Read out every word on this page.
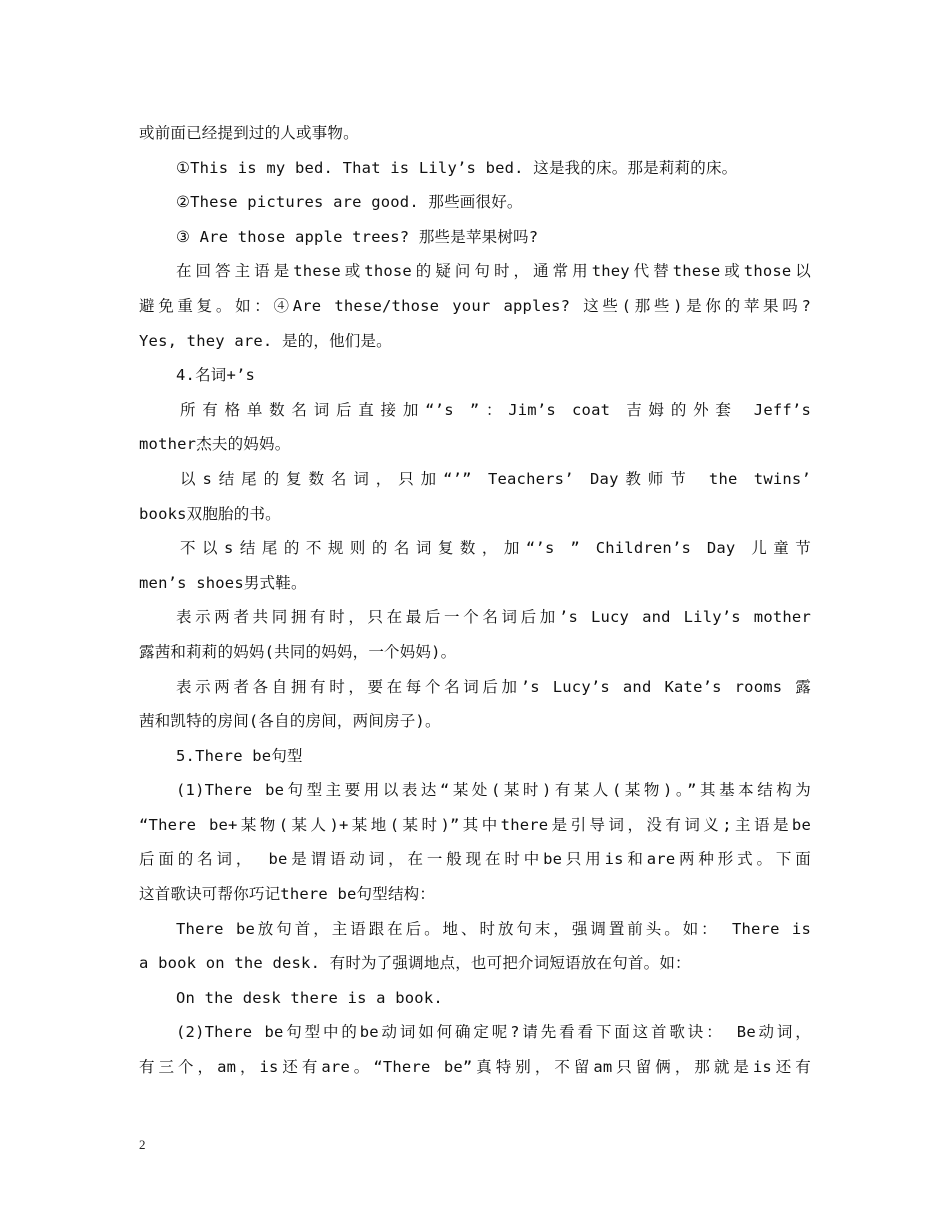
或前面已经提到过的人或事物。
①This is my bed. That is Lily’s bed. 这是我的床。那是莉莉的床。
②These pictures are good. 那些画很好。
③ Are those apple trees? 那些是苹果树吗?
在回答主语是these或those的疑问句时，通常用they代替these或those以
避免重复。如：④Are these/those your apples? 这些(那些)是你的苹果吗?
Yes, they are. 是的，他们是。
4.名词+’s
所有格单数名词后直接加“’s ”：Jim’s coat 吉姆的外套 Jeff’s
mother杰夫的妈妈。
以s结尾的复数名词，只加“’” Teachers’ Day教师节 the twins’
books双胞胎的书。
不以s结尾的不规则的名词复数，加“’s ” Children’s Day 儿童节
men’s shoes男式鞋。
表示两者共同拥有时，只在最后一个名词后加’s Lucy and Lily’s mother
露茜和莉莉的妈妈(共同的妈妈，一个妈妈)。
表示两者各自拥有时，要在每个名词后加’s Lucy’s and Kate’s rooms 露
茜和凯特的房间(各自的房间，两间房子)。
5.There be句型
(1)There be句型主要用以表达“某处(某时)有某人(某物)。”其基本结构为
“There be+某物(某人)+某地(某时)”其中there是引导词，没有词义;主语是be
后面的名词， be是谓语动词，在一般现在时中be只用is和are两种形式。下面
这首歌诀可帮你巧记there be句型结构：
There be放句首，主语跟在后。地、时放句末，强调置前头。如： There is
a book on the desk. 有时为了强调地点，也可把介词短语放在句首。如：
On the desk there is a book.
(2)There be句型中的be动词如何确定呢?请先看看下面这首歌诀： Be动词，
有三个，am，is还有are。“There be”真特别，不留am只留俩，那就是is还有
2
